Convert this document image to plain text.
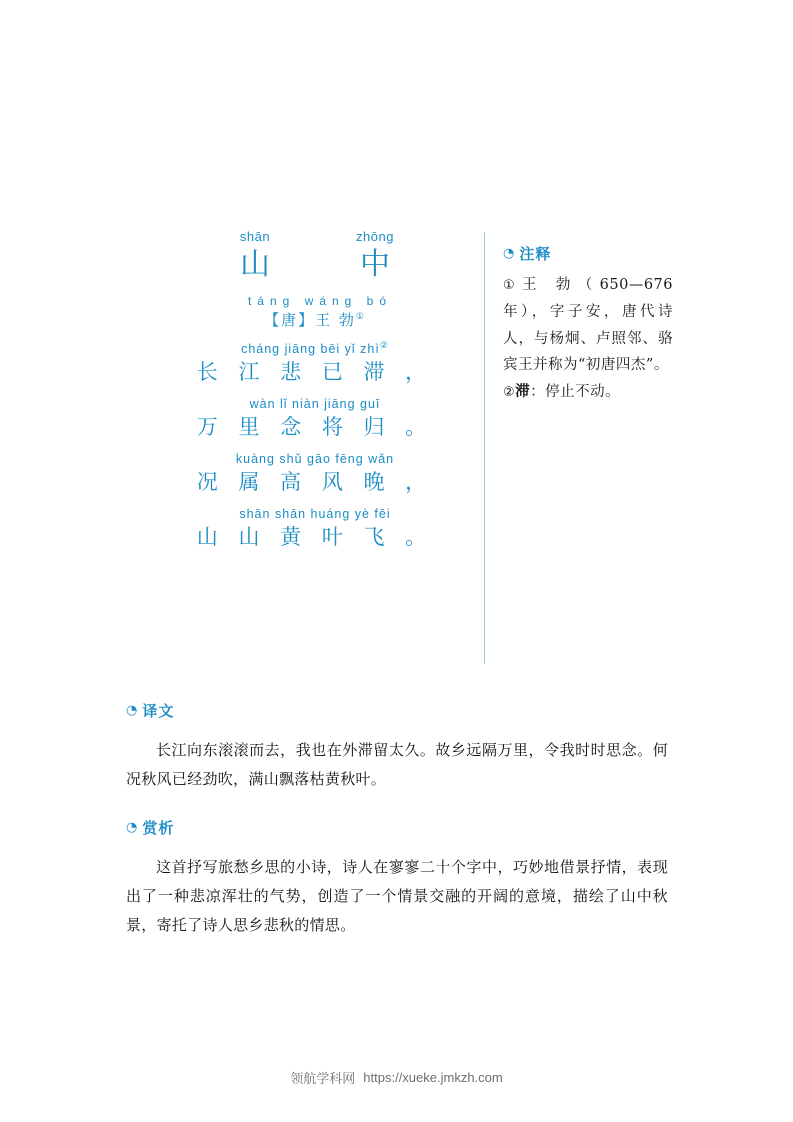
shān 山
zhōng 中
táng wáng bó
【唐】王 勃①
cháng jiāng bēi yǐ zhì②
长 江 悲 已 滞 ，
wàn lǐ niàn jiāng guī
万 里 念 将 归 。
kuàng shǔ gāo fēng wǎn
况 属 高 风 晚 ，
shān shān huáng yè fēi
山 山 黄 叶 飞 。
◔ 注释
①王 勃（650—676年），字子安，唐代诗人，与杨炯、卢照邻、骆宾王并称为“初唐四杰”。
②滞：停止不动。
◔ 译文

长江向东滚滚而去，我也在外滞留太久。故乡远隔万里，令我时时思念。何况秋风已经劲吹，满山飘落枯黄秋叶。

◔ 赏析

这首抒写旅愁乡思的小诗，诗人在寥寥二十个字中，巧妙地借景抒情，表现出了一种悲凉浑壮的气势，创造了一个情景交融的开阔的意境，描绘了山中秋景，寄托了诗人思乡悲秋的情思。

领航学科网 https://xueke.jmkzh.com
